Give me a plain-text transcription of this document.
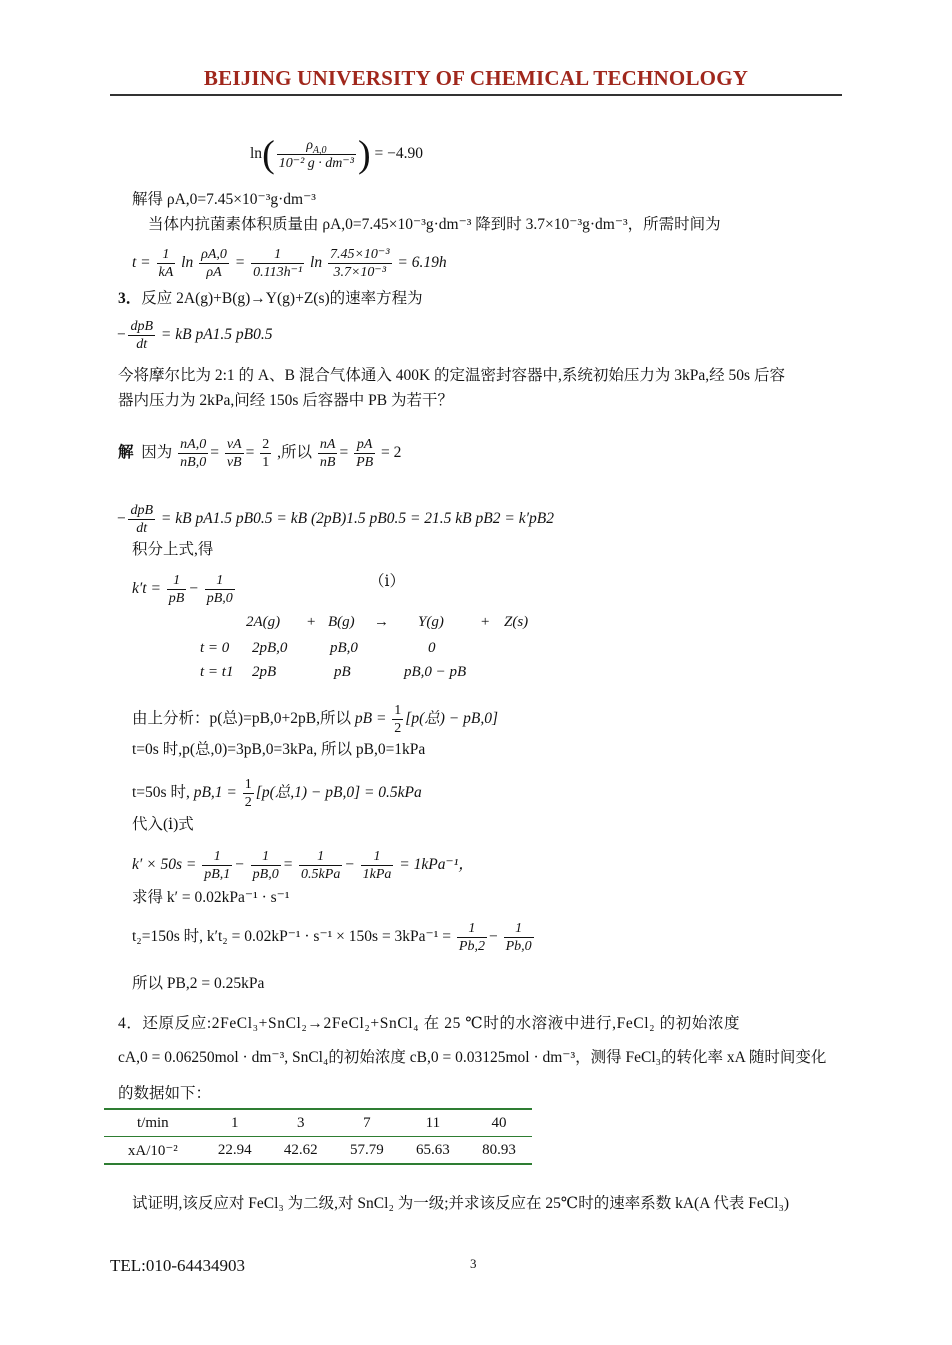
BEIJING UNIVERSITY OF CHEMICAL TECHNOLOGY
$\ln( \frac{\rho_{A,0}}{\text{10⁻² g · dm⁻³}}$ ) = −4.90
解得 ρA,0=7.45×10⁻³g·dm⁻³
当体内抗菌素体积质量由 ρA,0=7.45×10⁻³g·dm⁻³ 降到时 3.7×10⁻³g·dm⁻³，所需时间为
$t = \frac{1}{kA}$ $\ln \frac{\rho A,0}{\rho A} = \frac{1}{\text{0.113h⁻¹}}$ $\ln \frac{\text{7.45×10⁻³}}{\text{3.7×10⁻³}} = 6.19h$
3．反应 2A(g)+B(g)→Y(g)+Z(s)的速率方程为
− $\frac{\text{dpB}}{dt}$ = kB pA1.5 pB0.5
今将摩尔比为 2:1 的 A、B 混合气体通入 400K 的定温密封容器中,系统初始压力为 3kPa,经 50s 后容
器内压力为 2kPa,问经 150s 后容器中 PB 为若干？
解 因为 $\frac{nA,0}{nB,0} = \frac{\nu A}{\nu B} = \frac{2}{1}$ ,所以 $\frac{nA}{nB} = \frac{pA}{PB} = 2$
− $\frac{\text{dpB}}{dt}$ = kB pA1.5 pB0.5 = kB (2pB)1.5 pB0.5 = 21.5 kB pB2 = k′pB2
积分上式,得
$k't = \frac{1}{pB} - \frac{1}{pB,0}$	（ⅰ）
2A(g) + B(g) → Y(g) + Z(s)
t = 0 2pB,0	pB,0	0
t = t1 2pB	pB	pB,0 − pB
由上分析：p(总)=pB,0+2pB,所以 pB = $\frac{1}{2} [p$(总) − pB,0]
t=0s 时,p(总,0)=3pB,0=3kPa, 所以 pB,0=1kPa
t=50s 时, $pB,1 = \frac{1}{2} [p$(总,1) − pB,0] = 0.5kPa
代入(ⅰ)式
$k' \times 50s = \frac{1}{pB,1} - \frac{1}{pB,0} = \frac{1}{\text{0.5kPa}} - \frac{1}{\text{1kPa}} = 1kPa^{-1}$，
求得 k′ = 0.02kPa⁻¹ · s⁻¹
t₂=150s 时, $k't_2 = 0.02kP^{-1} \cdot s^{-1} \times 150s = 3kPa^{-1} = \frac{1}{Pb,2} - \frac{1}{Pb,0}$
所以 PB,2 = 0.25kPa
4．还原反应:2FeCl₃+SnCl₂→2FeCl₂+SnCl₄ 在 25 ℃时的水溶液中进行,FeCl₂ 的初始浓度
cA,0 = 0.06250mol · dm⁻³, SnCl₄的初始浓度 cB,0 = 0.03125mol · dm⁻³，测得 FeCl₃的转化率 xA 随时间变化
的数据如下：
t/min	1	3	7	11	40
xA/10⁻²	22.94	42.62	57.79	65.63	80.93
试证明,该反应对 FeCl₃ 为二级,对 SnCl₂ 为一级;并求该反应在 25℃时的速率系数 kA(A 代表 FeCl₃)
TEL:010-64434903	3
